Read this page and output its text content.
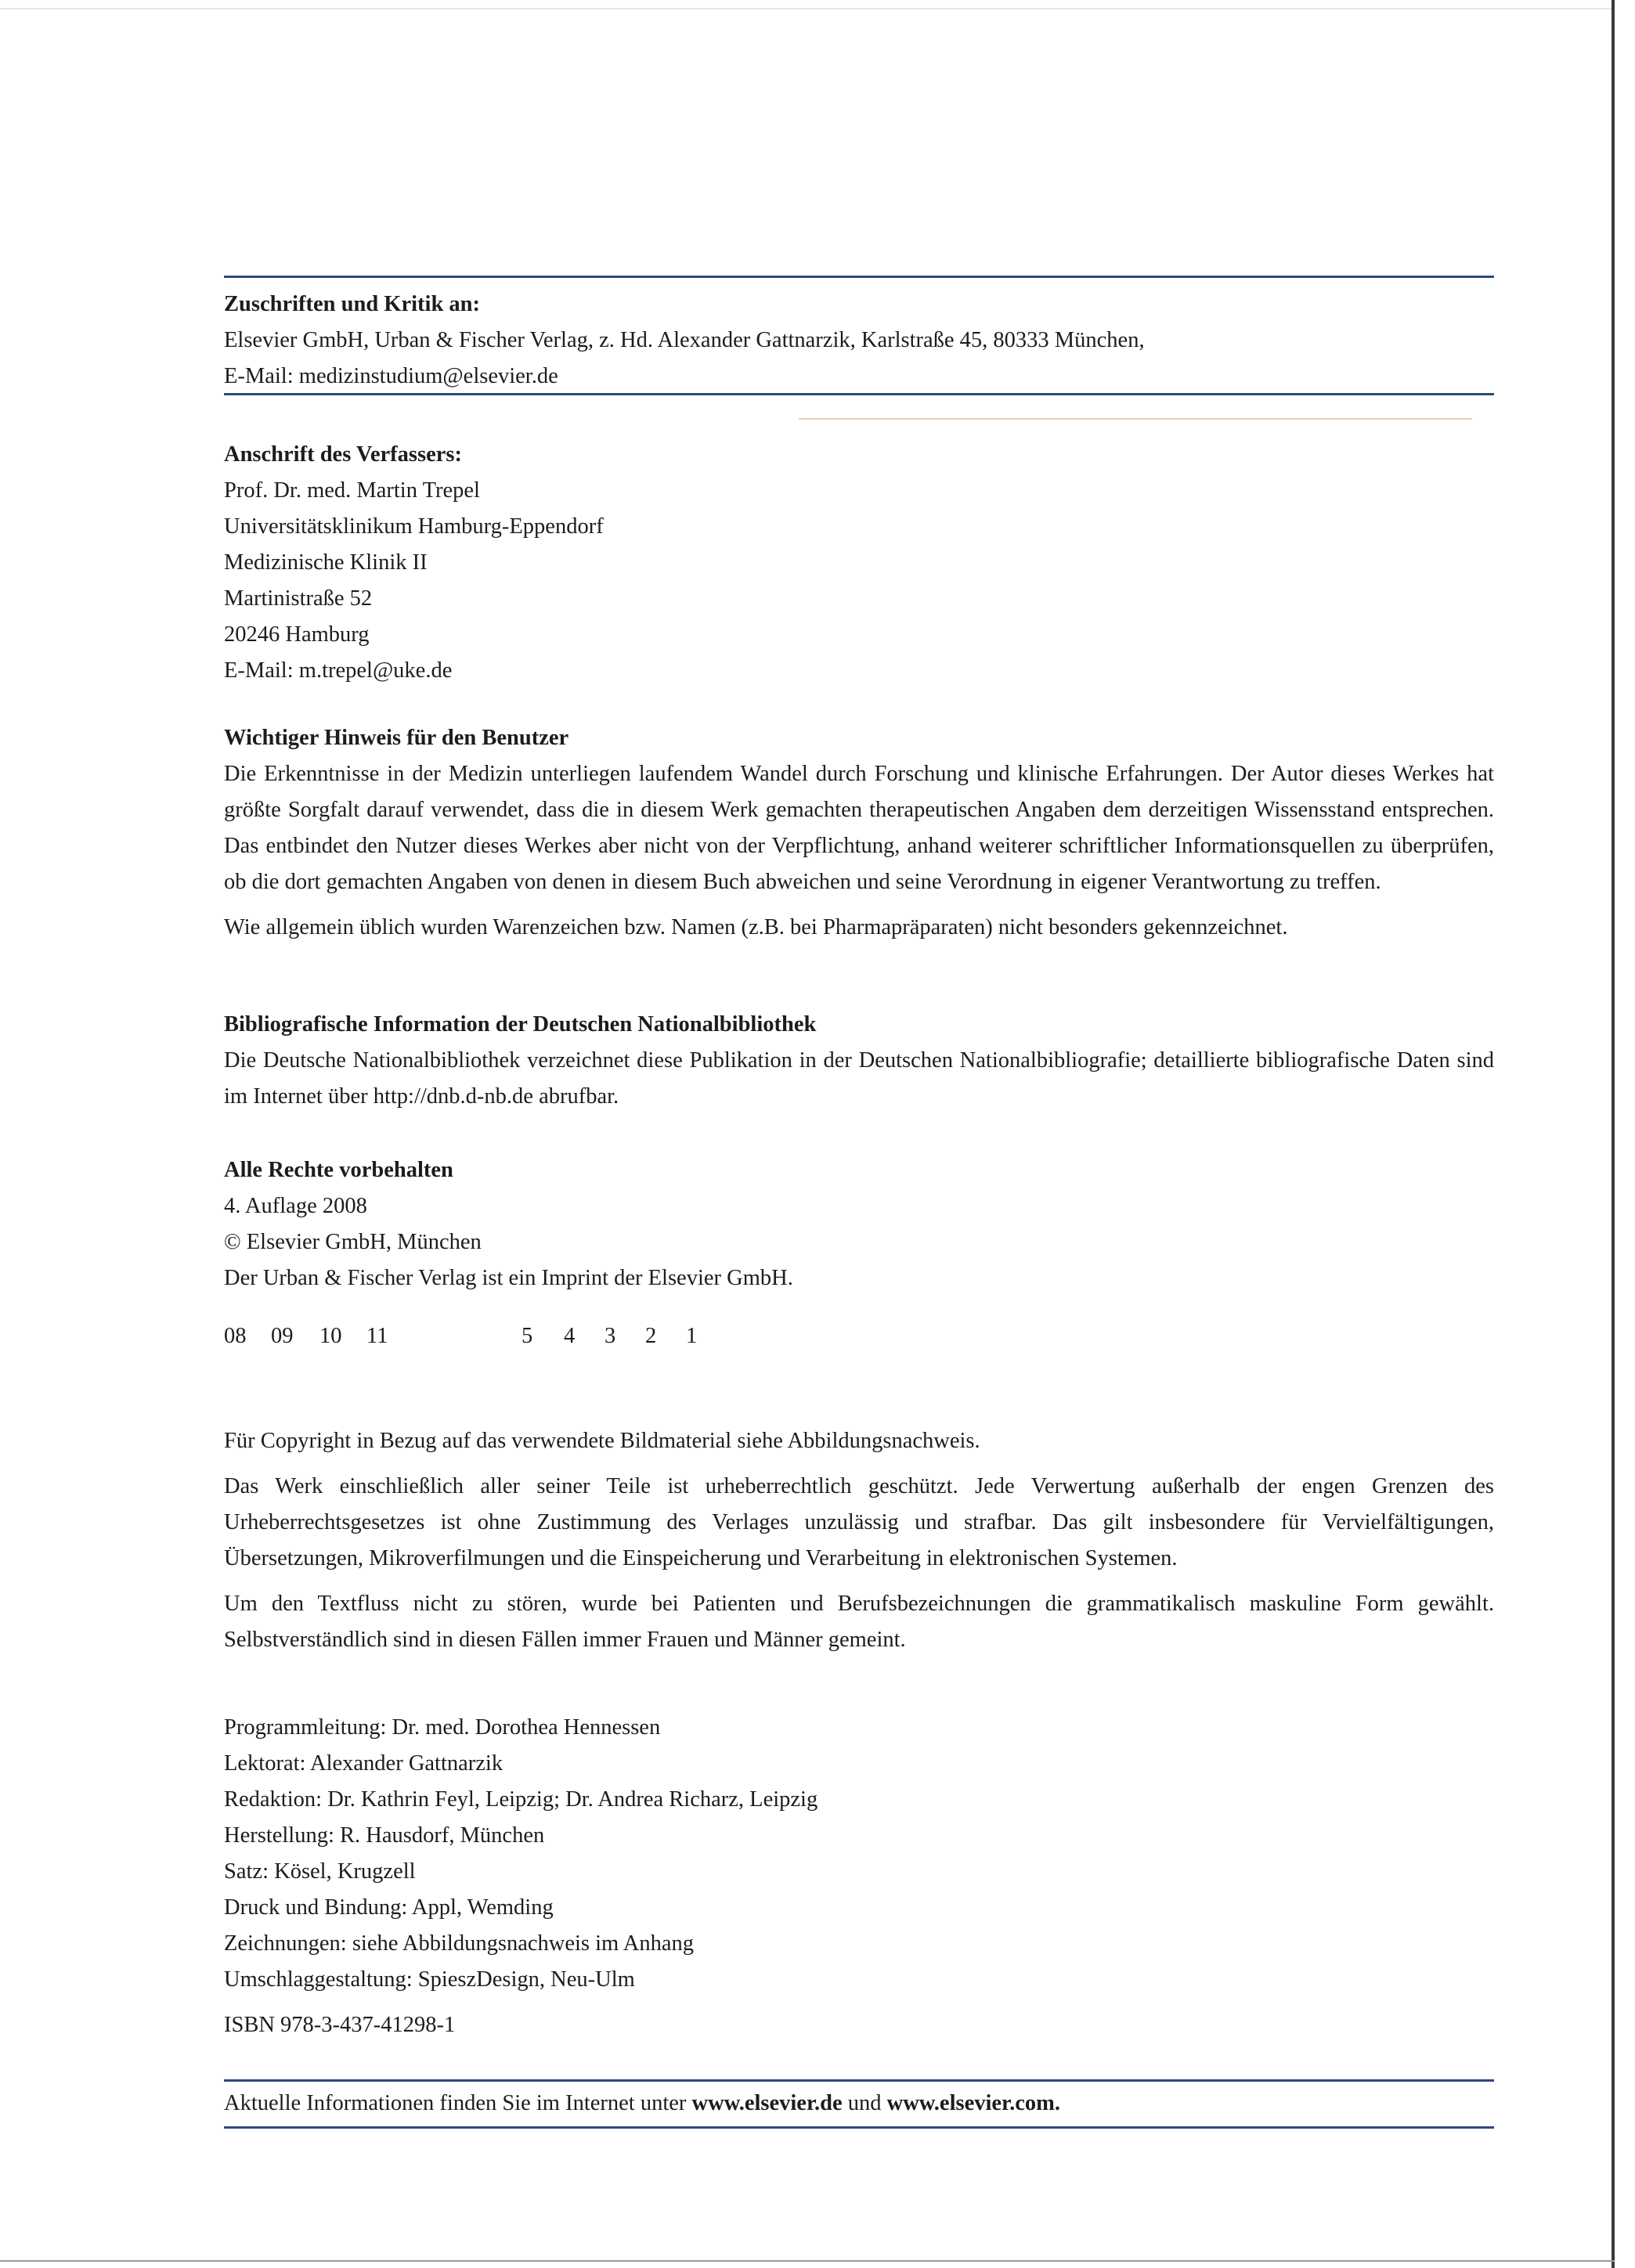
Zuschriften und Kritik an:

Elsevier GmbH, Urban & Fischer Verlag, z. Hd. Alexander Gattnarzik, Karlstraße 45, 80333 München,

E-Mail: medizinstudium@elsevier.de

Anschrift des Verfassers:

Prof. Dr. med. Martin Trepel

Universitätsklinikum Hamburg-Eppendorf

Medizinische Klinik II

Martinistraße 52

20246 Hamburg

E-Mail: m.trepel@uke.de

Wichtiger Hinweis für den Benutzer

Die Erkenntnisse in der Medizin unterliegen laufendem Wandel durch Forschung und klinische Erfahrungen. Der Autor dieses Werkes hat größte Sorgfalt darauf verwendet, dass die in diesem Werk gemachten therapeutischen Angaben dem derzeitigen Wissensstand entsprechen. Das entbindet den Nutzer dieses Werkes aber nicht von der Verpflichtung, anhand weiterer schriftlicher Informationsquellen zu überprüfen, ob die dort gemachten Angaben von denen in diesem Buch abweichen und seine Verordnung in eigener Verantwortung zu treffen.

Wie allgemein üblich wurden Warenzeichen bzw. Namen (z.B. bei Pharmapräparaten) nicht besonders gekennzeichnet.

Bibliografische Information der Deutschen Nationalbibliothek

Die Deutsche Nationalbibliothek verzeichnet diese Publikation in der Deutschen Nationalbibliografie; detaillierte bibliografische Daten sind im Internet über http://dnb.d-nb.de abrufbar.

Alle Rechte vorbehalten

4. Auflage 2008

© Elsevier GmbH, München

Der Urban & Fischer Verlag ist ein Imprint der Elsevier GmbH.

08	09	10	11	5	4	3	2	1

Für Copyright in Bezug auf das verwendete Bildmaterial siehe Abbildungsnachweis.

Das Werk einschließlich aller seiner Teile ist urheberrechtlich geschützt. Jede Verwertung außerhalb der engen Grenzen des Urheberrechtsgesetzes ist ohne Zustimmung des Verlages unzulässig und strafbar. Das gilt insbesondere für Vervielfältigungen, Übersetzungen, Mikroverfilmungen und die Einspeicherung und Verarbeitung in elektronischen Systemen.

Um den Textfluss nicht zu stören, wurde bei Patienten und Berufsbezeichnungen die grammatikalisch maskuline Form gewählt. Selbstverständlich sind in diesen Fällen immer Frauen und Männer gemeint.

Programmleitung: Dr. med. Dorothea Hennessen

Lektorat: Alexander Gattnarzik

Redaktion: Dr. Kathrin Feyl, Leipzig; Dr. Andrea Richarz, Leipzig

Herstellung: R. Hausdorf, München

Satz: Kösel, Krugzell

Druck und Bindung: Appl, Wemding

Zeichnungen: siehe Abbildungsnachweis im Anhang

Umschlaggestaltung: SpieszDesign, Neu-Ulm

ISBN 978-3-437-41298-1

Aktuelle Informationen finden Sie im Internet unter www.elsevier.de und www.elsevier.com.
